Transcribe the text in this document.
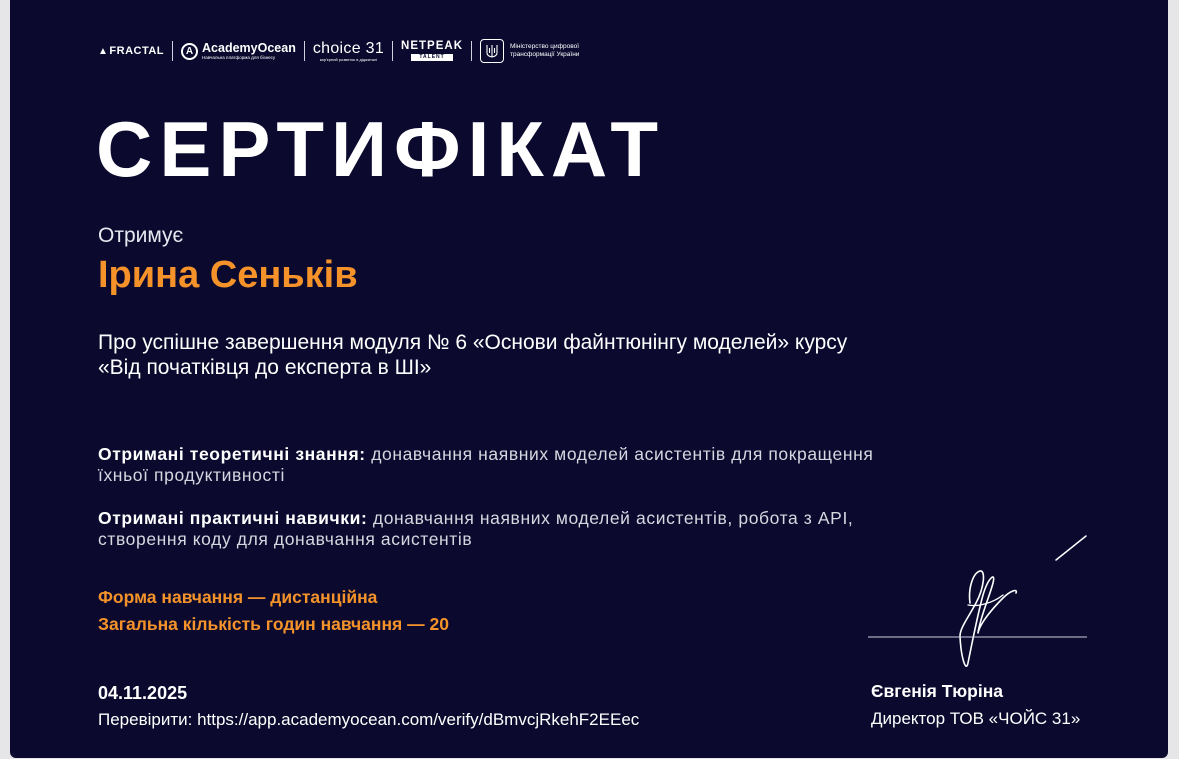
▲ FRACTAL	A AcademyOcean
Навчальна платформа для бізнесу
choice 31
кар'єрний розвиток в діджиталі
NETPEAK
TALENT
Міністерство цифрової трансформації України
СЕРТИФІКАТ
Отримує
Ірина Сеньків
Про успішне завершення модуля № 6 «Основи файнтюнінгу моделей» курсу
«Від початківця до експерта в ШІ»
Отримані теоретичні знання: донавчання наявних моделей асистентів для покращення їхньої продуктивності
Отримані практичні навички: донавчання наявних моделей асистентів, робота з API, створення коду для донавчання асистентів
Форма навчання — дистанційна
Загальна кількість годин навчання — 20
04.11.2025
Перевірити: https://app.academyocean.com/verify/dBmvcjRkehF2EEec
Євгенія Тюріна
Директор ТОВ «ЧОЙС 31»
